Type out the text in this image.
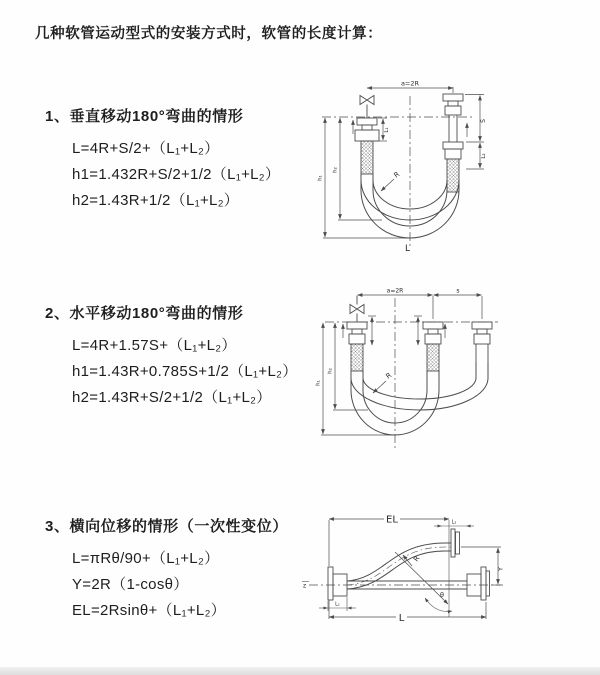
几种软管运动型式的安装方式时，软管的长度计算：
1、垂直移动180°弯曲的情形
L=4R+S/2+（L₁+L₂）
h1=1.432R+S/2+1/2（L₁+L₂）
h2=1.43R+1/2（L₁+L₂）
a=2R
S
L₂
L₁
h₁
h₂
R
L
2、水平移动180°弯曲的情形
L=4R+1.57S+（L₁+L₂）
h1=1.43R+0.785S+1/2（L₁+L₂）
h2=1.43R+S/2+1/2（L₁+L₂）
a=2R	s
h₁
h₂
R
3、横向位移的情形（一次性变位）
L=πRθ/90+（L₁+L₂）
Y=2R（1-cosθ）
EL=2Rsinθ+（L₁+L₂）
EL	L₂
R
Y
θ
L
L₁
z
